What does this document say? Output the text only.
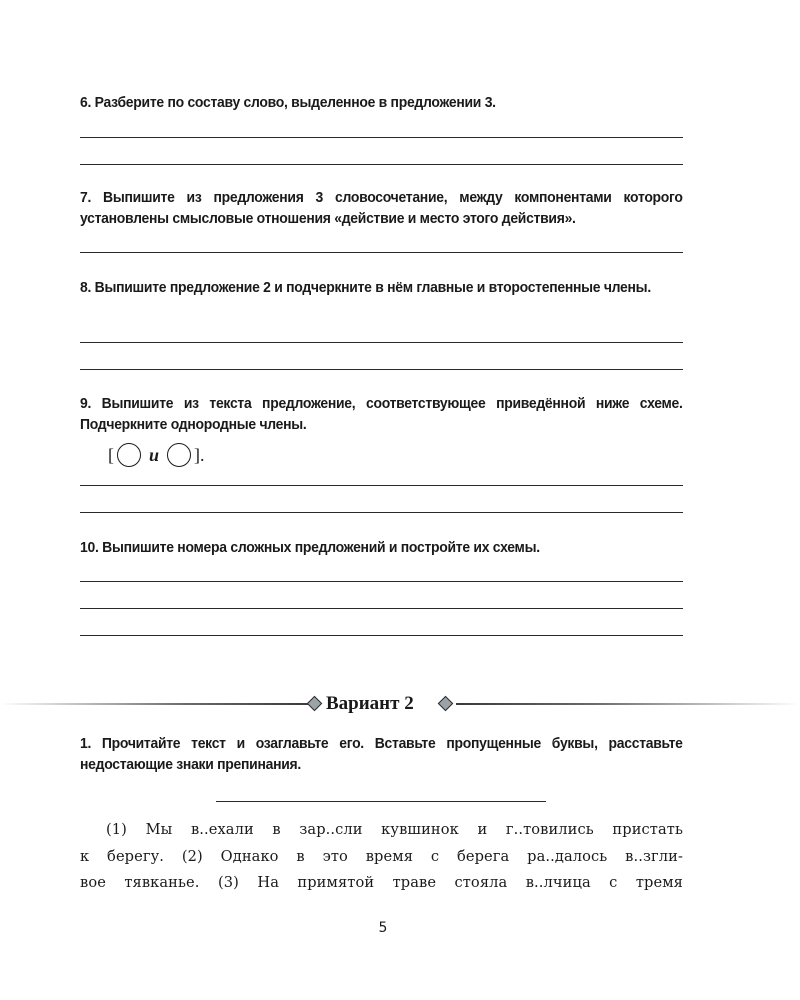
6. Разберите по составу слово, выделенное в предложении 3.
7. Выпишите из предложения 3 словосочетание, между компонентами которого установлены смысловые отношения «действие и место этого действия».
8. Выпишите предложение 2 и подчеркните в нём главные и второстепенные члены.
9. Выпишите из текста предложение, соответствующее приведённой ниже схеме. Подчеркните однородные члены.
[ и ].
10. Выпишите номера сложных предложений и постройте их схемы.
Вариант 2
1. Прочитайте текст и озаглавьте его. Вставьте пропущенные буквы, расставьте недостающие знаки препинания.
(1) Мы в..ехали в зар..сли кувшинок и г..товились пристать
к берегу. (2) Однако в это время с берега ра..далось в..згли-
вое тявканье. (3) На примятой траве стояла в..лчица с тремя
5
